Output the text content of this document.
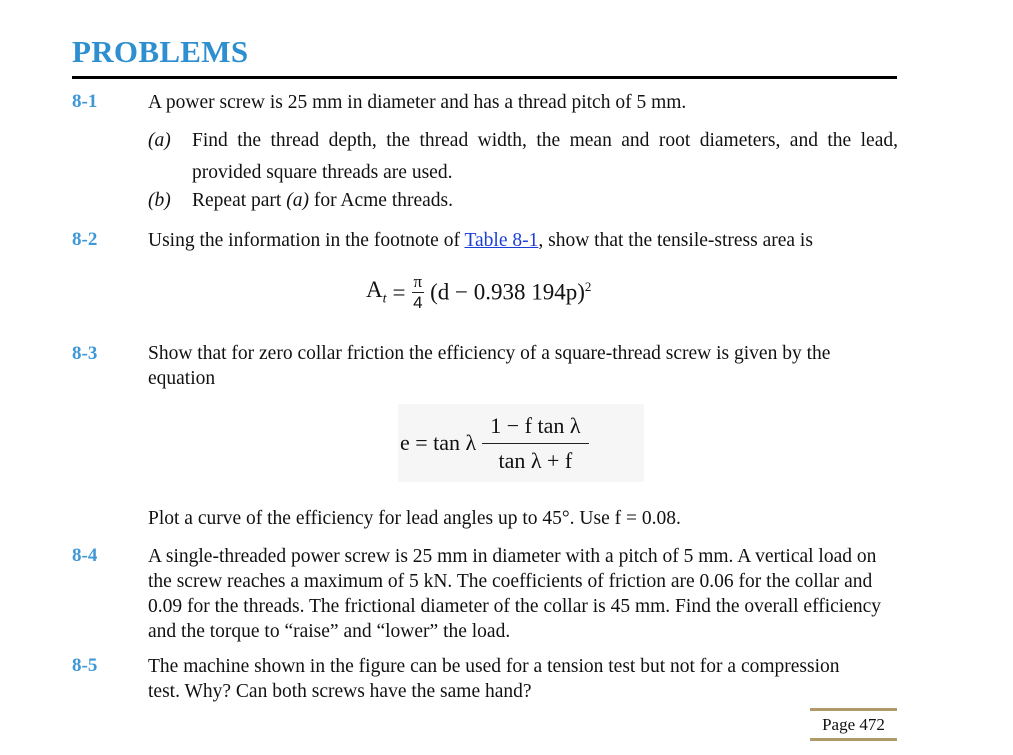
PROBLEMS
8-1	A power screw is 25 mm in diameter and has a thread pitch of 5 mm.
(a) Find the thread depth, the thread width, the mean and root diameters, and the lead, provided square threads are used.
(b) Repeat part (a) for Acme threads.
8-2	Using the information in the footnote of Table 8-1, show that the tensile-stress area is
$A_t = \frac{\pi}{4} (d - 0.938$ 194p)$^2$
8-3	Show that for zero collar friction the efficiency of a square-thread screw is given by the equation
e = tan λ $\frac{\text{1 − f tan λ}}{\text{tan λ + f}}$
Plot a curve of the efficiency for lead angles up to 45°. Use f = 0.08.
8-4	A single-threaded power screw is 25 mm in diameter with a pitch of 5 mm. A vertical load on the screw reaches a maximum of 5 kN. The coefficients of friction are 0.06 for the collar and 0.09 for the threads. The frictional diameter of the collar is 45 mm. Find the overall efficiency and the torque to “raise” and “lower” the load.
8-5	The machine shown in the figure can be used for a tension test but not for a compression test. Why? Can both screws have the same hand?
Page 472
